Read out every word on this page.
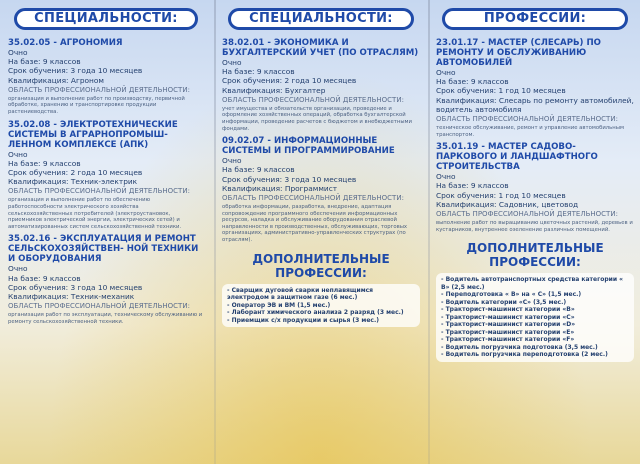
СПЕЦИАЛЬНОСТИ:
35.02.05 - АГРОНОМИЯ
Очно
На базе: 9 классов
Срок обучения: 3 года 10 месяцев
Квалификация: Агроном
ОБЛАСТЬ ПРОФЕССИОНАЛЬНОЙ ДЕЯТЕЛЬНОСТИ:
организация и выполнение работ по производству, первичной обработке, хранению и транспортировке продукции растениеводства.
35.02.08 - ЭЛЕКТРОТЕХНИЧЕСКИЕ СИСТЕМЫ В АГРАРНОПРОМЫШ- ЛЕННОМ КОМПЛЕКСЕ (АПК)
Очно
На базе: 9 классов
Срок обучения: 2 года 10 месяцев
Квалификация: Техник-электрик
ОБЛАСТЬ ПРОФЕССИОНАЛЬНОЙ ДЕЯТЕЛЬНОСТИ:
организация и выполнение работ по обеспечению работоспособности электрического хозяйства сельскохозяйственных потребителей (электроустановок, приемников электрической энергии, электрических сетей) и автоматизированных систем сельскохозяйственной техники.
35.02.16 - ЭКСПЛУАТАЦИЯ И РЕМОНТ СЕЛЬСКОХОЗЯЙСТВЕН- НОЙ ТЕХНИКИ И ОБОРУДОВАНИЯ
Очно
На базе: 9 классов
Срок обучения: 3 года 10 месяцев
Квалификация: Техник-механик
ОБЛАСТЬ ПРОФЕССИОНАЛЬНОЙ ДЕЯТЕЛЬНОСТИ:
организация работ по эксплуатации, техническому обслуживанию и ремонту сельскохозяйственной техники.
СПЕЦИАЛЬНОСТИ:
38.02.01 - ЭКОНОМИКА И БУХГАЛТЕРСКИЙ УЧЕТ (ПО ОТРАСЛЯМ)
Очно
На базе: 9 классов
Срок обучения: 2 года 10 месяцев
Квалификация: Бухгалтер
ОБЛАСТЬ ПРОФЕССИОНАЛЬНОЙ ДЕЯТЕЛЬНОСТИ:
учет имущества и обязательств организации, проведение и оформление хозяйственных операций, обработка бухгалтерской информации, проведение расчетов с бюджетом и внебюджетными фондами.
09.02.07 - ИНФОРМАЦИОННЫЕ СИСТЕМЫ И ПРОГРАММИРОВАНИЕ
Очно
На базе: 9 классов
Срок обучения: 3 года 10 месяцев
Квалификация: Программист
ОБЛАСТЬ ПРОФЕССИОНАЛЬНОЙ ДЕЯТЕЛЬНОСТИ:
обработка информации, разработка, внедрение, адаптация сопровождение программного обеспечения информационных ресурсов, наладка и обслуживание оборудования отраслевой направленности в производственных, обслуживающих, торговых организациях, административно-управленческих структурах (по отраслям).
ДОПОЛНИТЕЛЬНЫЕ ПРОФЕССИИ:
- Сварщик дуговой сварки неплавящимся электродом в защитном газе (6 мес.)
- Оператор ЭВ и ВМ (1,5 мес.)
- Лаборант химического анализа 2 разряд (3 мес.)
- Приемщик с/х продукции и сырья (3 мес.)
ПРОФЕССИИ:
23.01.17 - МАСТЕР (СЛЕСАРЬ) ПО РЕМОНТУ И ОБСЛУЖИВАНИЮ АВТОМОБИЛЕЙ
Очно
На базе: 9 классов
Срок обучения: 1 год 10 месяцев
Квалификация: Слесарь по ремонту автомобилей, водитель автомобиля
ОБЛАСТЬ ПРОФЕССИОНАЛЬНОЙ ДЕЯТЕЛЬНОСТИ:
техническое обслуживание, ремонт и управление автомобильным транспортом.
35.01.19 - МАСТЕР САДОВО- ПАРКОВОГО И ЛАНДШАФТНОГО СТРОИТЕЛЬСТВА
Очно
На базе: 9 классов
Срок обучения: 1 год 10 месяцев
Квалификация: Садовник, цветовод
ОБЛАСТЬ ПРОФЕССИОНАЛЬНОЙ ДЕЯТЕЛЬНОСТИ:
выполнение работ по выращиванию цветочных растений, деревьев и кустарников, внутреннее озеленение различных помещений.
ДОПОЛНИТЕЛЬНЫЕ ПРОФЕССИИ:
- Водитель автотранспортных средства категории « В» (2,5 мес.)
- Переподготовка « В» на « С» (1,5 мес.)
- Водитель категории «С» (3,5 мес.)
- Тракторист-машинист категории «В»
- Тракторист-машинист категории «С»
- Тракторист-машинист категории «D»
- Тракторист-машинист категории «E»
- Тракторист-машинист категории «F»
- Водитель погрузчика подготовка (3,5 мес.)
- Водитель погрузчика переподготовка (2 мес.)
